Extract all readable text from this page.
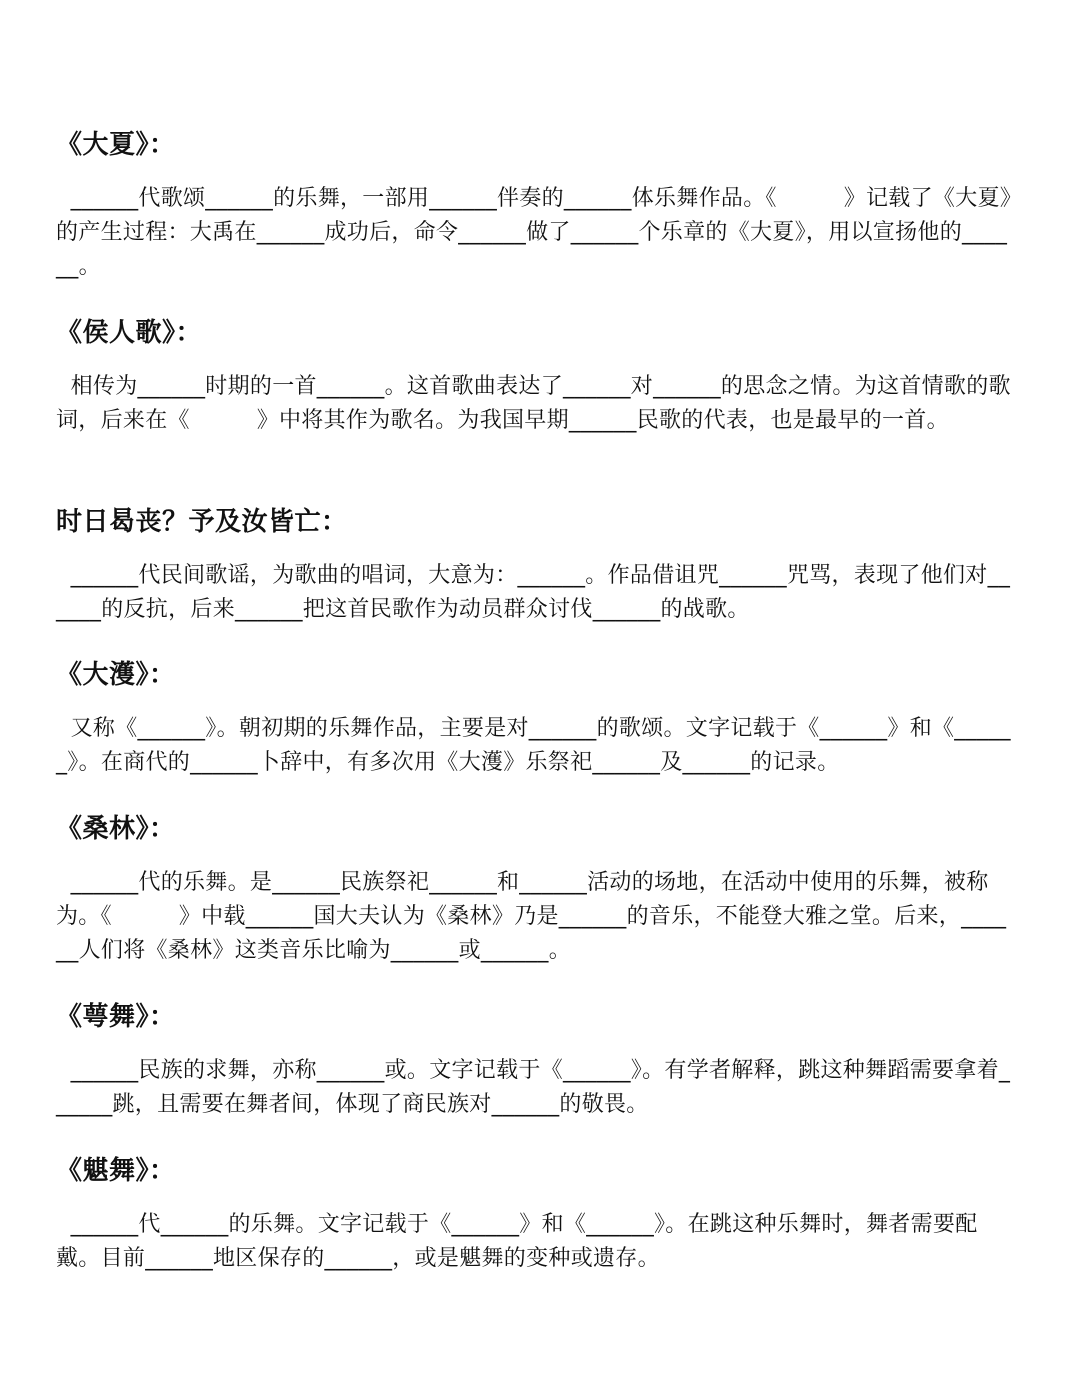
《大夏》：

______代歌颂______的乐舞，一部用______伴奏的______体乐舞作品。《　　　》记载了《大夏》的产生过程：大禹在______成功后，命令______做了______个乐章的《大夏》，用以宣扬他的______。

《侯人歌》：

相传为______时期的一首______。这首歌曲表达了______对______的思念之情。为这首情歌的歌词，后来在《　　　》中将其作为歌名。为我国早期______民歌的代表，也是最早的一首。

时日曷丧？予及汝皆亡：

______代民间歌谣，为歌曲的唱词，大意为：______。作品借诅咒______咒骂，表现了他们对______的反抗，后来______把这首民歌作为动员群众讨伐______的战歌。

《大濩》：

又称《______》。朝初期的乐舞作品，主要是对______的歌颂。文字记载于《______》和《______》。在商代的______卜辞中，有多次用《大濩》乐祭祀______及______的记录。

《桑林》：

______代的乐舞。是______民族祭祀______和______活动的场地，在活动中使用的乐舞，被称为。《　　　》中载______国大夫认为《桑林》乃是______的音乐，不能登大雅之堂。后来，______人们将《桑林》这类音乐比喻为______或______。

《萼舞》：

______民族的求舞，亦称______或。文字记载于《______》。有学者解释，跳这种舞蹈需要拿着______跳，且需要在舞者间，体现了商民族对______的敬畏。

《魌舞》：

______代______的乐舞。文字记载于《______》和《______》。在跳这种乐舞时，舞者需要配戴。目前______地区保存的______，或是魌舞的变种或遗存。
